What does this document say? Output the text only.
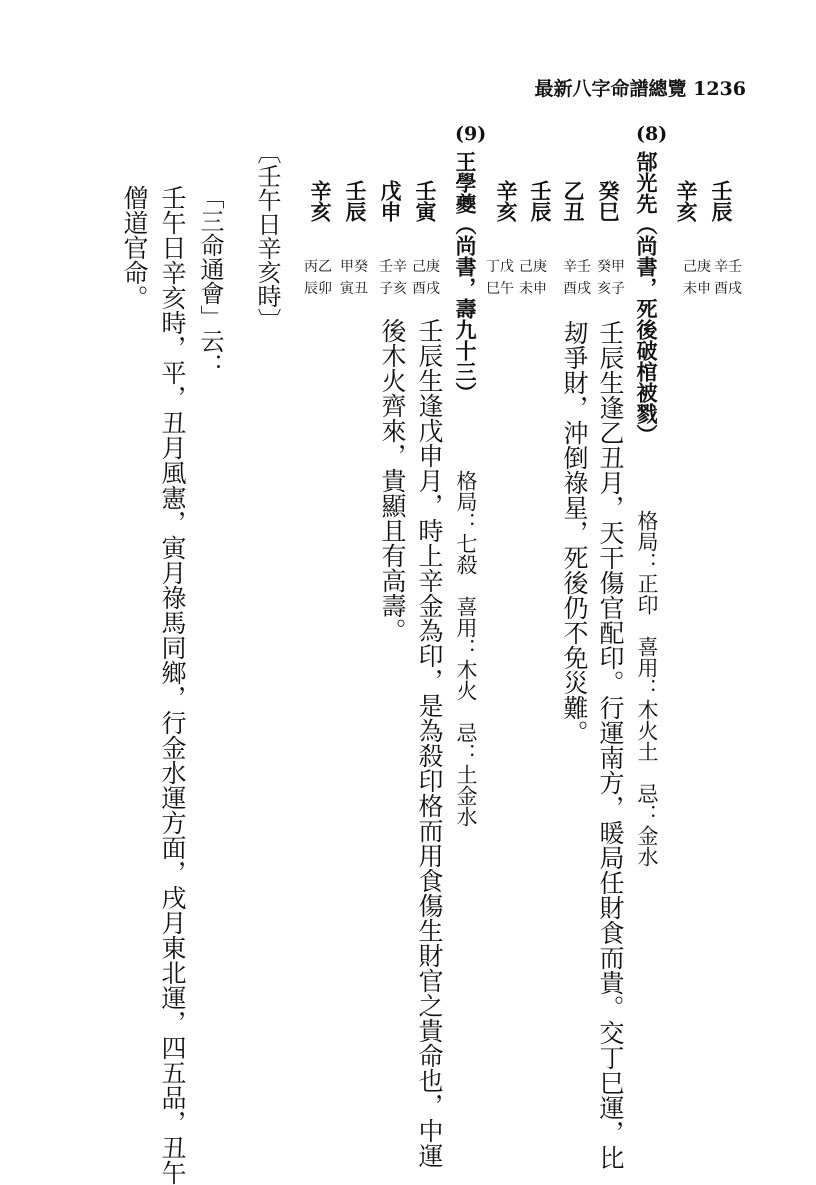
最新八字命譜總覽 1236
(8)
郜光先（尚書，死後破棺被戮） 壬辰
辛亥
己庚
未申
辛壬
酉戌
癸巳
乙丑
辛壬
酉戌
癸甲
亥子
格局：正印　喜用：木火土　忌：金水
壬辰生逢乙丑月，天干傷官配印。行運南方，暖局任財食而貴。交丁巳運，比
刼爭財，沖倒祿星，死後仍不免災難。
(9)
王學夔（尚書，壽九十三） 辛亥 壬辰
壬寅
戊申
壬辰
辛亥
丁戊
巳午
己庚
未申
己庚
酉戌
壬辛
子亥
甲癸
寅丑
丙乙
辰卯
格局：七殺　喜用：木火　忌：土金水
壬辰生逢戊申月，時上辛金為印，是為殺印格而用食傷生財官之貴命也，中運
後木火齊來，貴顯且有高壽。
〔壬午日辛亥時〕
「三命通會」云：
壬午日辛亥時，平，丑月風憲，寅月祿馬同鄉，行金水運方面，戌月東北運，四五品，丑午
僧道官命。
